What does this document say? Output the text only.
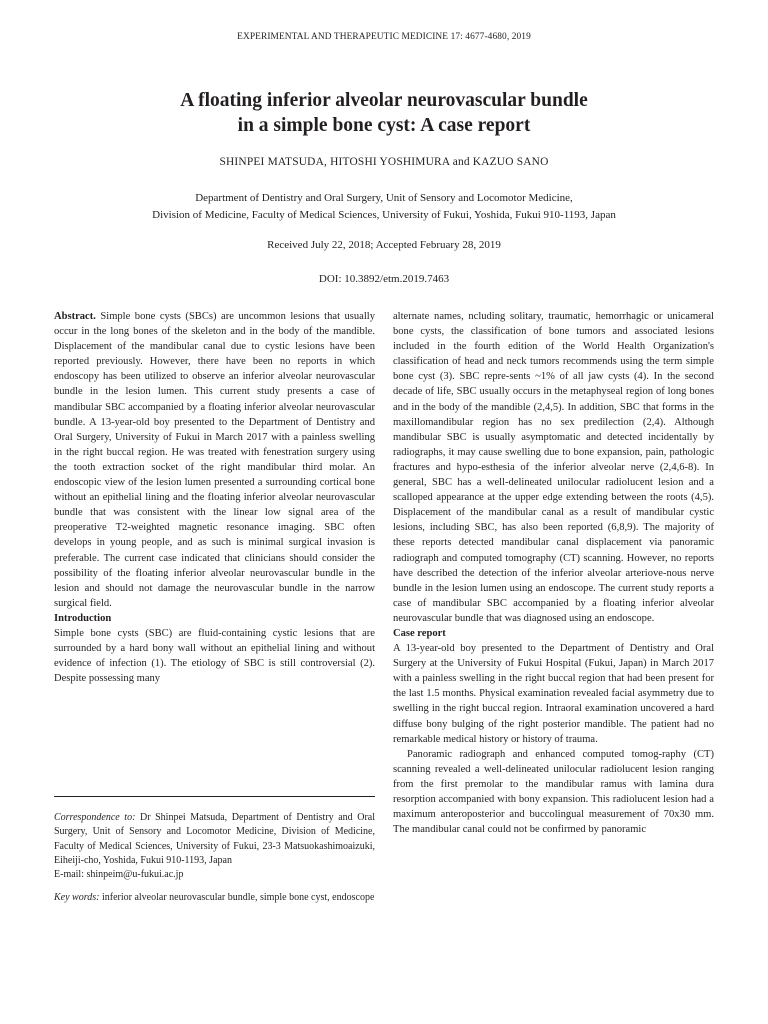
EXPERIMENTAL AND THERAPEUTIC MEDICINE 17: 4677-4680, 2019
A floating inferior alveolar neurovascular bundle
in a simple bone cyst: A case report
SHINPEI MATSUDA, HITOSHI YOSHIMURA and KAZUO SANO
Department of Dentistry and Oral Surgery, Unit of Sensory and Locomotor Medicine,
Division of Medicine, Faculty of Medical Sciences, University of Fukui, Yoshida, Fukui 910-1193, Japan
Received July 22, 2018; Accepted February 28, 2019
DOI: 10.3892/etm.2019.7463

Abstract. Simple bone cysts (SBCs) are uncommon lesions that usually occur in the long bones of the skeleton and in the body of the mandible. Displacement of the mandibular canal due to cystic lesions have been reported previously. However, there have been no reports in which endoscopy has been utilized to observe an inferior alveolar neurovascular bundle in the lesion lumen. This current study presents a case of mandibular SBC accompanied by a floating inferior alveolar neurovascular bundle. A 13-year-old boy presented to the Department of Dentistry and Oral Surgery, University of Fukui in March 2017 with a painless swelling in the right buccal region. He was treated with fenestration surgery using the tooth extraction socket of the right mandibular third molar. An endoscopic view of the lesion lumen presented a surrounding cortical bone without an epithelial lining and the floating inferior alveolar neurovascular bundle that was consistent with the linear low signal area of the preoperative T2-weighted magnetic resonance imaging. SBC often develops in young people, and as such is minimal surgical invasion is preferable. The current case indicated that clinicians should consider the possibility of the floating inferior alveolar neurovascular bundle in the lesion and should not damage the neurovascular bundle in the narrow surgical field.

Introduction

Simple bone cysts (SBC) are fluid-containing cystic lesions that are surrounded by a hard bony wall without an epithelial lining and without evidence of infection (1). The etiology of SBC is still controversial (2). Despite possessing many

alternate names, ncluding solitary, traumatic, hemorrhagic or unicameral bone cysts, the classification of bone tumors and associated lesions included in the fourth edition of the World Health Organization's classification of head and neck tumors recommends using the term simple bone cyst (3). SBC repre-sents ~1% of all jaw cysts (4). In the second decade of life, SBC usually occurs in the metaphyseal region of long bones and in the body of the mandible (2,4,5). In addition, SBC that forms in the maxillomandibular region has no sex predilection (2,4). Although mandibular SBC is usually asymptomatic and detected incidentally by radiographs, it may cause swelling due to bone expansion, pain, pathologic fractures and hypo-esthesia of the inferior alveolar nerve (2,4,6-8). In general, SBC has a well-delineated unilocular radiolucent lesion and a scalloped appearance at the upper edge extending between the roots (4,5). Displacement of the mandibular canal as a result of mandibular cystic lesions, including SBC, has also been reported (6,8,9). The majority of these reports detected mandibular canal displacement via panoramic radiograph and computed tomography (CT) scanning. However, no reports have described the detection of the inferior alveolar arteriove-nous nerve bundle in the lesion lumen using an endoscope. The current study reports a case of mandibular SBC accompanied by a floating inferior alveolar neurovascular bundle that was diagnosed using an endoscope.

Case report

A 13-year-old boy presented to the Department of Dentistry and Oral Surgery at the University of Fukui Hospital (Fukui, Japan) in March 2017 with a painless swelling in the right buccal region that had been present for the last 1.5 months. Physical examination revealed facial asymmetry due to swelling in the right buccal region. Intraoral examination uncovered a hard diffuse bony bulging of the right posterior mandible. The patient had no remarkable medical history or history of trauma.

Panoramic radiograph and enhanced computed tomog-raphy (CT) scanning revealed a well-delineated unilocular radiolucent lesion ranging from the first premolar to the mandibular ramus with lamina dura resorption accompanied with bony expansion. This radiolucent lesion had a maximum anteroposterior and buccolingual measurement of 70x30 mm. The mandibular canal could not be confirmed by panoramic

Correspondence to: Dr Shinpei Matsuda, Department of Dentistry and Oral Surgery, Unit of Sensory and Locomotor Medicine, Division of Medicine, Faculty of Medical Sciences, University of Fukui, 23-3 Matsuokashimoaizuki, Eiheiji-cho, Yoshida, Fukui 910-1193, Japan

E-mail: shinpeim@u-fukui.ac.jp

Key words: inferior alveolar neurovascular bundle, simple bone cyst, endoscope
